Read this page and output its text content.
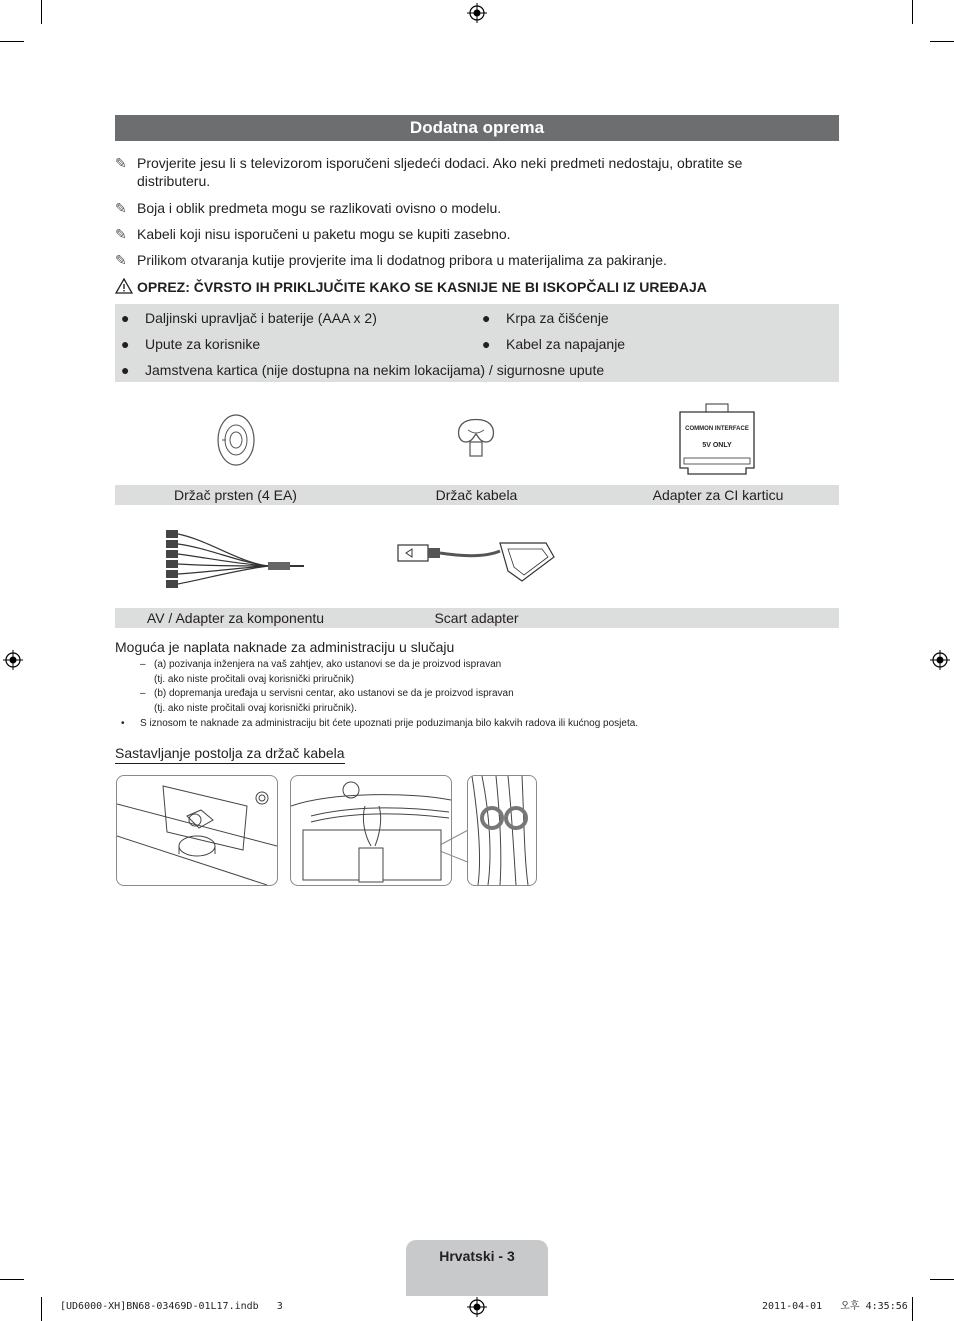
Dodatna oprema
✎ Provjerite jesu li s televizorom isporučeni sljedeći dodaci. Ako neki predmeti nedostaju, obratite se distributeru.
✎ Boja i oblik predmeta mogu se razlikovati ovisno o modelu.
✎ Kabeli koji nisu isporučeni u paketu mogu se kupiti zasebno.
✎ Prilikom otvaranja kutije provjerite ima li dodatnog pribora u materijalima za pakiranje.
OPREZ: ČVRSTO IH PRIKLJUČITE KAKO SE KASNIJE NE BI ISKOPČALI IZ UREĐAJA
● Daljinski upravljač i baterije (AAA x 2)
● Upute za korisnike
● Krpa za čišćenje
● Kabel za napajanje
● Jamstvena kartica (nije dostupna na nekim lokacijama) / sigurnosne upute
COMMON INTERFACE
5V ONLY
Držač prsten (4 EA)	Držač kabela	Adapter za CI karticu
AV / Adapter za komponentu	Scart adapter
Moguća je naplata naknade za administraciju u slučaju
– (a) pozivanja inženjera na vaš zahtjev, ako ustanovi se da je proizvod ispravan
(tj. ako niste pročitali ovaj korisnički priručnik)
– (b) dopremanja uređaja u servisni centar, ako ustanovi se da je proizvod ispravan
(tj. ako niste pročitali ovaj korisnički priručnik).
• S iznosom te naknade za administraciju bit ćete upoznati prije poduzimanja bilo kakvih radova ili kućnog posjeta.
Sastavljanje postolja za držač kabela
Hrvatski - 3
[UD6000-XH]BN68-03469D-01L17.indb   3	2011-04-01   오후 4:35:56
